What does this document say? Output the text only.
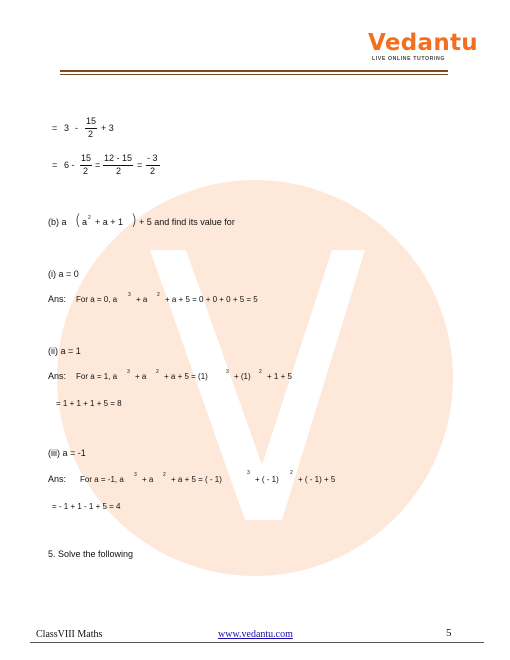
Vedantu
LIVE ONLINE TUTORING
= 3 -
15
2
+ 3
= 6 -
15
2
=
12 - 15
2
=
- 3
2
(b) a ( a 2 + a + 1 ) + 5 and find its value for
(i) a = 0
Ans: For a = 0, a 3 + a 2 + a + 5 = 0 + 0 + 0 + 5 = 5
(ii) a = 1
Ans: For a = 1, a 3 + a 2 + a + 5 = (1)	3 + (1) 2 + 1 + 5
= 1 + 1 + 1 + 5 = 8
(iii) a = -1
Ans: For a = -1, a 3 + a 2 + a + 5 = ( - 1)
3
+ ( - 1)
2
+ ( - 1) + 5
= - 1 + 1 - 1 + 5 = 4
5. Solve the following
ClassVIII Maths	www.vedantu.com	5
